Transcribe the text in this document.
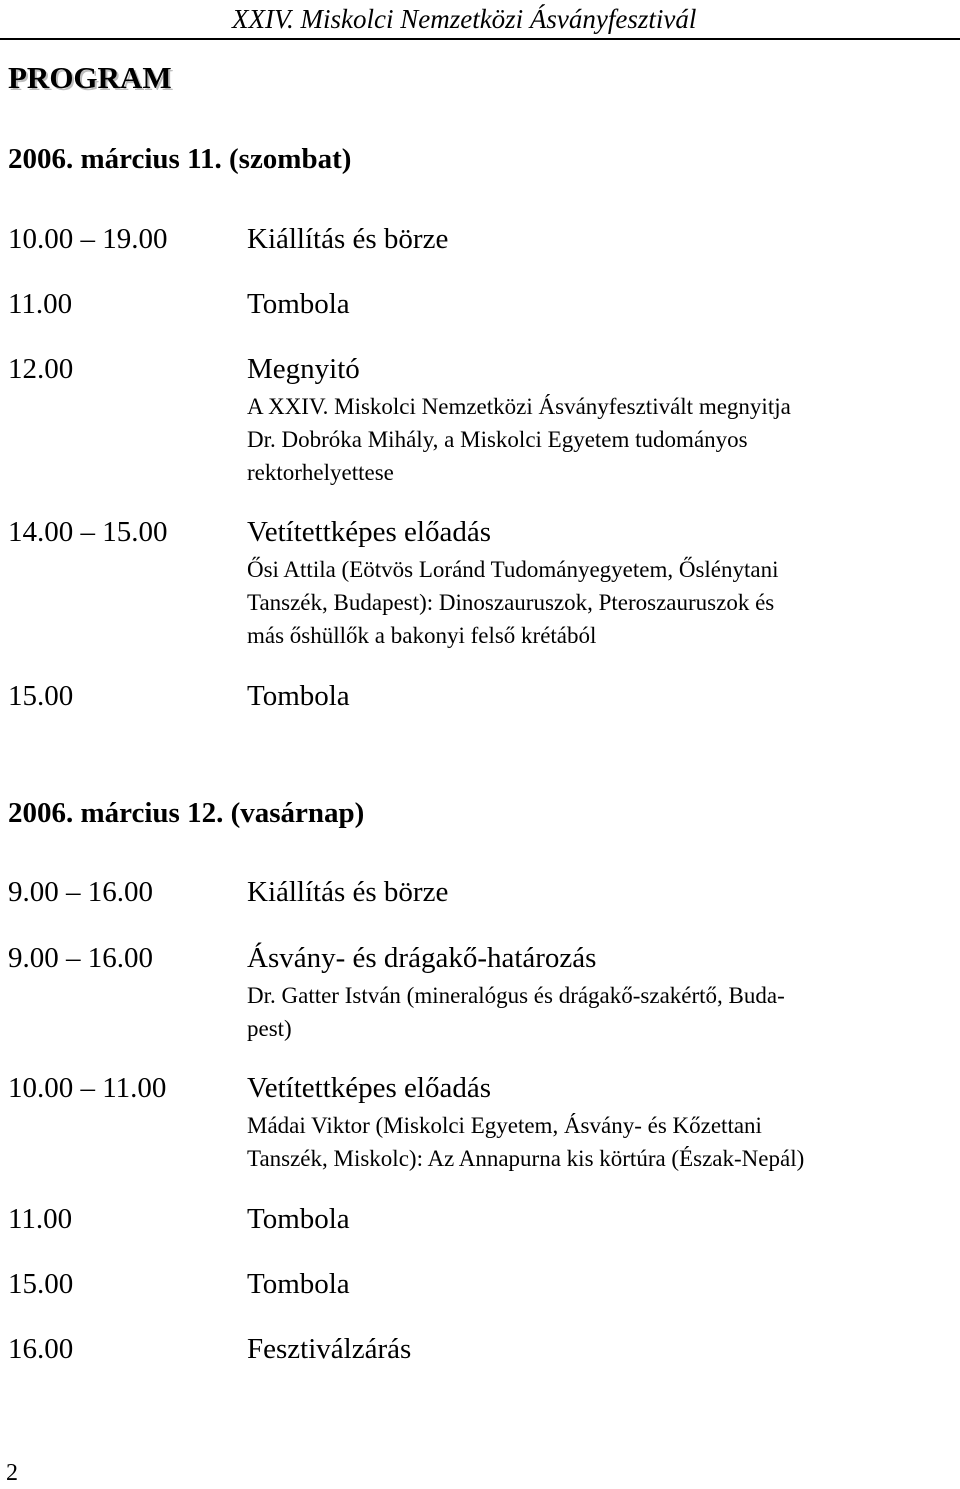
XXIV. Miskolci Nemzetközi Ásványfesztivál
PROGRAM
2006. március 11. (szombat)
10.00 – 19.00	Kiállítás és börze
11.00	Tombola
12.00	Megnyitó
A XXIV. Miskolci Nemzetközi Ásványfesztivált megnyitja
Dr. Dobróka Mihály, a Miskolci Egyetem tudományos
rektorhelyettese
14.00 – 15.00	Vetítettképes előadás
Ősi Attila (Eötvös Loránd Tudományegyetem, Őslénytani
Tanszék, Budapest): Dinoszauruszok, Pteroszauruszok és
más őshüllők a bakonyi felső krétából
15.00	Tombola
2006. március 12. (vasárnap)
9.00 – 16.00	Kiállítás és börze
9.00 – 16.00	Ásvány- és drágakő-határozás
Dr. Gatter István (mineralógus és drágakő-szakértő, Buda-
pest)
10.00 – 11.00	Vetítettképes előadás
Mádai Viktor (Miskolci Egyetem, Ásvány- és Kőzettani
Tanszék, Miskolc): Az Annapurna kis körtúra (Észak-Nepál)
11.00	Tombola
15.00	Tombola
16.00	Fesztiválzárás
2
